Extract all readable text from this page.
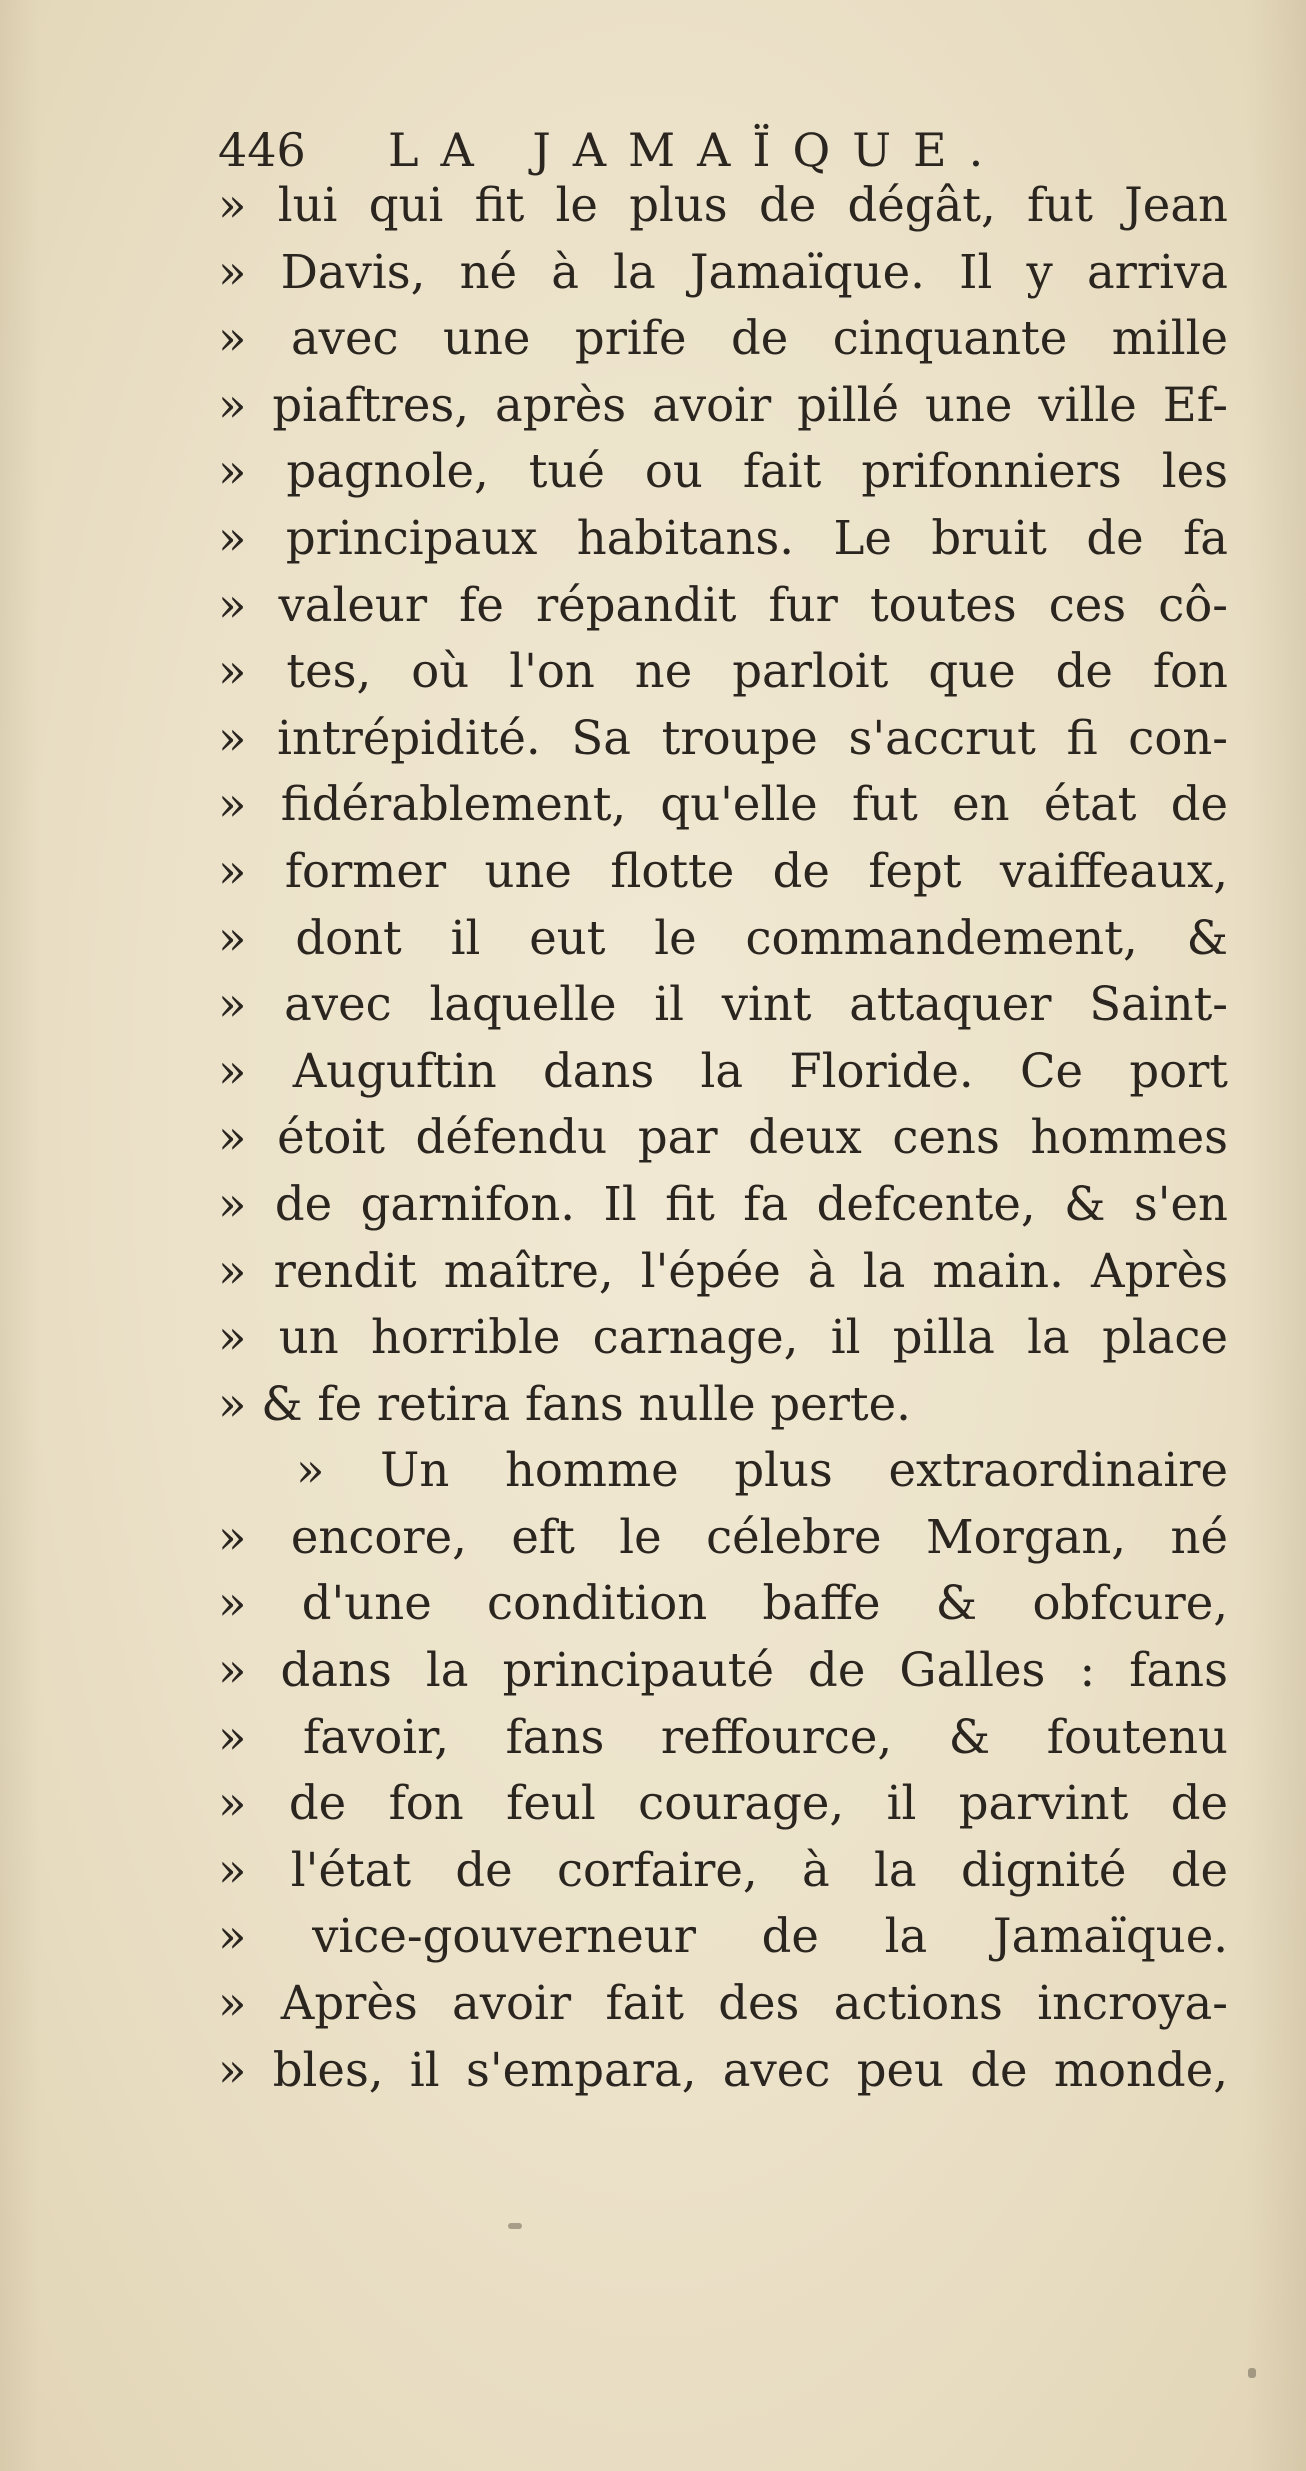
446 LA JAMAÏQUE.
» lui qui fit le plus de dégât, fut Jean
» Davis, né à la Jamaïque. Il y arriva
» avec une prife de cinquante mille
» piaftres, après avoir pillé une ville Ef-
» pagnole, tué ou fait prifonniers les
» principaux habitans. Le bruit de fa
» valeur fe répandit fur toutes ces cô-
» tes, où l'on ne parloit que de fon
» intrépidité. Sa troupe s'accrut fi con-
» fidérablement, qu'elle fut en état de
» former une flotte de fept vaiffeaux,
» dont il eut le commandement, &
» avec laquelle il vint attaquer Saint-
» Auguftin dans la Floride. Ce port
» étoit défendu par deux cens hommes
» de garnifon. Il fit fa defcente, & s'en
» rendit maître, l'épée à la main. Après
» un horrible carnage, il pilla la place
» & fe retira fans nulle perte.
» Un homme plus extraordinaire
» encore, eft le célebre Morgan, né
» d'une condition baffe & obfcure,
» dans la principauté de Galles : fans
» favoir, fans reffource, & foutenu
» de fon feul courage, il parvint de
» l'état de corfaire, à la dignité de
» vice-gouverneur de la Jamaïque.
» Après avoir fait des actions incroya-
» bles, il s'empara, avec peu de monde,
